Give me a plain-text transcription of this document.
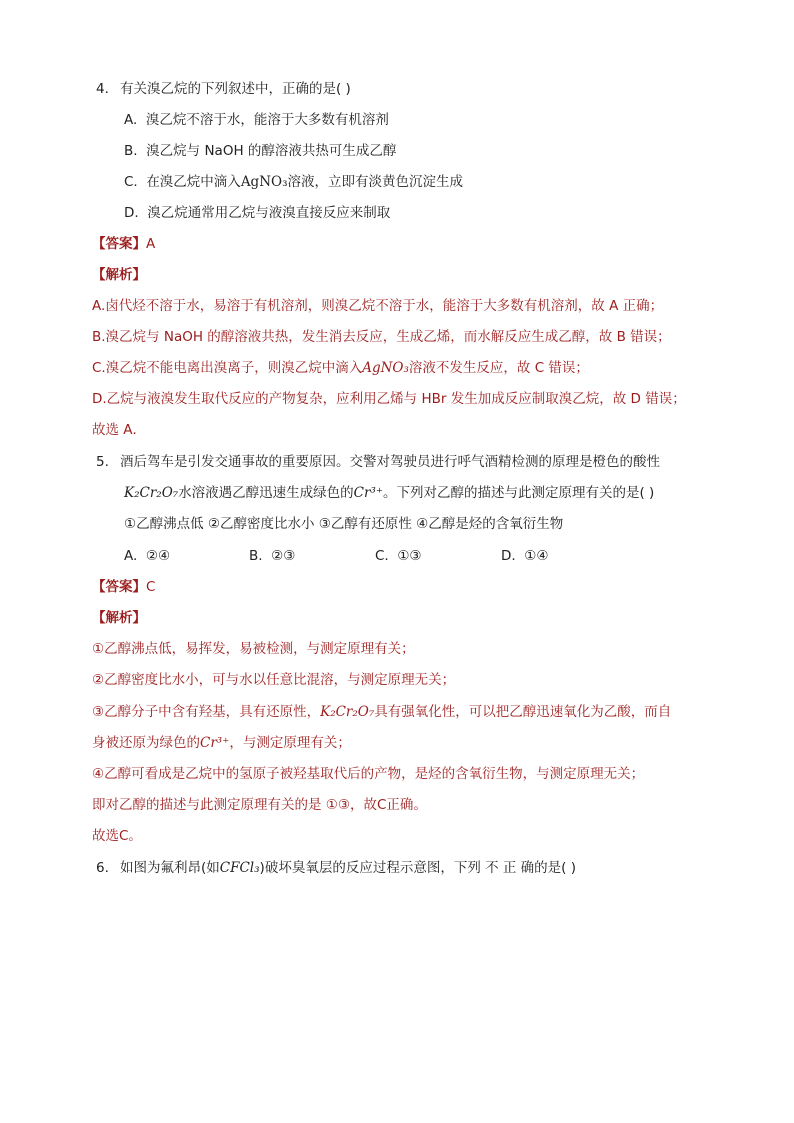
4. 有关溴乙烷的下列叙述中，正确的是( )
A. 溴乙烷不溶于水，能溶于大多数有机溶剂
B. 溴乙烷与 NaOH 的醇溶液共热可生成乙醇
C. 在溴乙烷中滴入AgNO₃溶液，立即有淡黄色沉淀生成
D. 溴乙烷通常用乙烷与液溴直接反应来制取
【答案】A
【解析】
A.卤代烃不溶于水，易溶于有机溶剂，则溴乙烷不溶于水，能溶于大多数有机溶剂，故 A 正确；
B.溴乙烷与 NaOH 的醇溶液共热，发生消去反应，生成乙烯，而水解反应生成乙醇，故 B 错误；
C.溴乙烷不能电离出溴离子，则溴乙烷中滴入AgNO₃溶液不发生反应，故 C 错误；
D.乙烷与液溴发生取代反应的产物复杂，应利用乙烯与 HBr 发生加成反应制取溴乙烷，故 D 错误；
故选 A．
5. 酒后驾车是引发交通事故的重要原因。交警对驾驶员进行呼气酒精检测的原理是橙色的酸性
K₂Cr₂O₇水溶液遇乙醇迅速生成绿色的Cr³⁺。下列对乙醇的描述与此测定原理有关的是( )
①乙醇沸点低 ②乙醇密度比水小 ③乙醇有还原性 ④乙醇是烃的含氧衍生物
A. ②④	B. ②③	C. ①③	D. ①④
【答案】C
【解析】
①乙醇沸点低，易挥发，易被检测，与测定原理有关；
②乙醇密度比水小，可与水以任意比混溶，与测定原理无关；
③乙醇分子中含有羟基，具有还原性，K₂Cr₂O₇具有强氧化性，可以把乙醇迅速氧化为乙酸，而自
身被还原为绿色的Cr³⁺，与测定原理有关；
④乙醇可看成是乙烷中的氢原子被羟基取代后的产物，是烃的含氧衍生物，与测定原理无关；
即对乙醇的描述与此测定原理有关的是 ①③，故C正确。
故选C。
6. 如图为氟利昂(如CFCl₃)破坏臭氧层的反应过程示意图，下列 不 正 确的是( )
